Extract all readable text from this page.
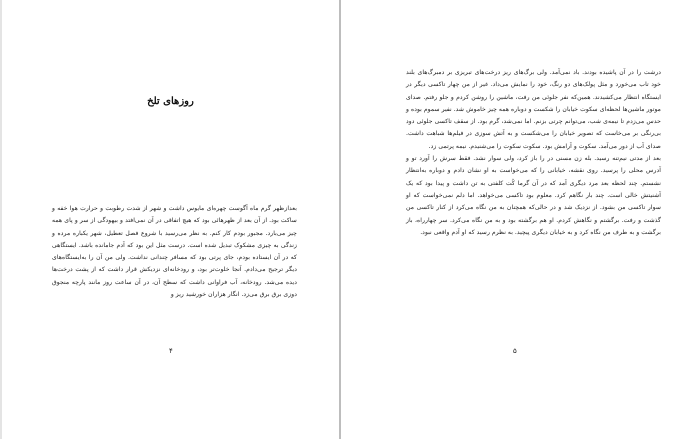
روزهای تلخ

بعدازظهر گرم ماه آگوست چهره‌ای مایوس داشت و شهر از شدت رطوبت و حرارت هوا خفه و ساکت بود. از آن بعد از ظهرهائی بود که هیچ اتفاقی در آن نمی‌افتد و بیهودگی از سر و پای همه چیز می‌بارد. مجبور بودم کار کنم. به نظر می‌رسید با شروع فصل تعطیل، شهر یکباره مرده و زندگی به چیزی مشکوک تبدیل شده است. درست مثل این بود که آدم جامانده باشد. ایستگاهی که در آن ایستاده بودم، جای پرتی بود که مسافر چندانی نداشت. ولی من آن را به‌ایستگاه‌های دیگر ترجیح می‌دادم. آنجا خلوت‌تر بود، و رودخانه‌ای نزدیکش قرار داشت که از پشت درخت‌ها دیده می‌شد. رودخانه، آب فراوانی داشت که سطح آن، در آن ساعت روز مانند پارچه منجوق دوزی برق برق می‌زد. انگار هزاران خورشید ریز و

۴

درشت را در آن پاشیده بودند. باد نمی‌آمد. ولی برگ‌های ریز درخت‌های تبریزی بر دمبرگ‌های بلند خود تاب می‌خورد و مثل پولک‌های دو رنگ، خود را نمایش می‌داد. غیر از من چهار تاکسی دیگر در ایستگاه انتظار می‌کشیدند. همین‌که نفر جلوئی من رفت، ماشین را روشن کردم و جلو رفتم. صدای موتور ماشین‌ها لحظه‌ای سکوت خیابان را شکست و دوباره همه چیز خاموش شد. نفیر سموم بوده و حدس می‌زدم تا نیمه‌ی شب، می‌توانم چرتی بزنم. اما نمی‌شد، گرم بود. از سقف تاکسی جلوئی دود بی‌رنگی بر می‌خاست که تصویر خیابان را می‌شکست و به آتش سوزی در فیلم‌ها شباهت داشت. صدای آب از دور می‌آمد. سکوت و آرامش بود. سکوت سکوت را می‌شنیدم. نیمه پرتمی زد.

بعد از مدتی نیم‌تنه رسید. بله زن مسنی در را باز کرد، ولی سوار نشد. فقط سرش را آورد تو و آدرس محلی را پرسید. روی نقشه، خیابانی را که می‌خواست به او نشان دادم و دوباره به‌انتظار نشستم. چند لحظه بعد مرد دیگری آمد که در آن گرما کُت کلفتی به تن داشت و پیدا بود که یک آشنیتش خالی است. چند بار نگاهم کرد. معلوم بود تاکسی می‌خواهد. اما دلم نمی‌خواست که او سوار تاکسی من بشود. از نزدیک شد و در حالی‌که همچنان به من نگاه می‌کرد از کنار تاکسی من گذشت و رفت. برگشتم و نگاهش کردم. او هم برگشته بود و به من نگاه می‌کرد. سر چهارراه، باز برگشت و به طرف من نگاه کرد و به خیابان دیگری پیچید. به نظرم رسید که او آدم واقعی نبود.

۵
